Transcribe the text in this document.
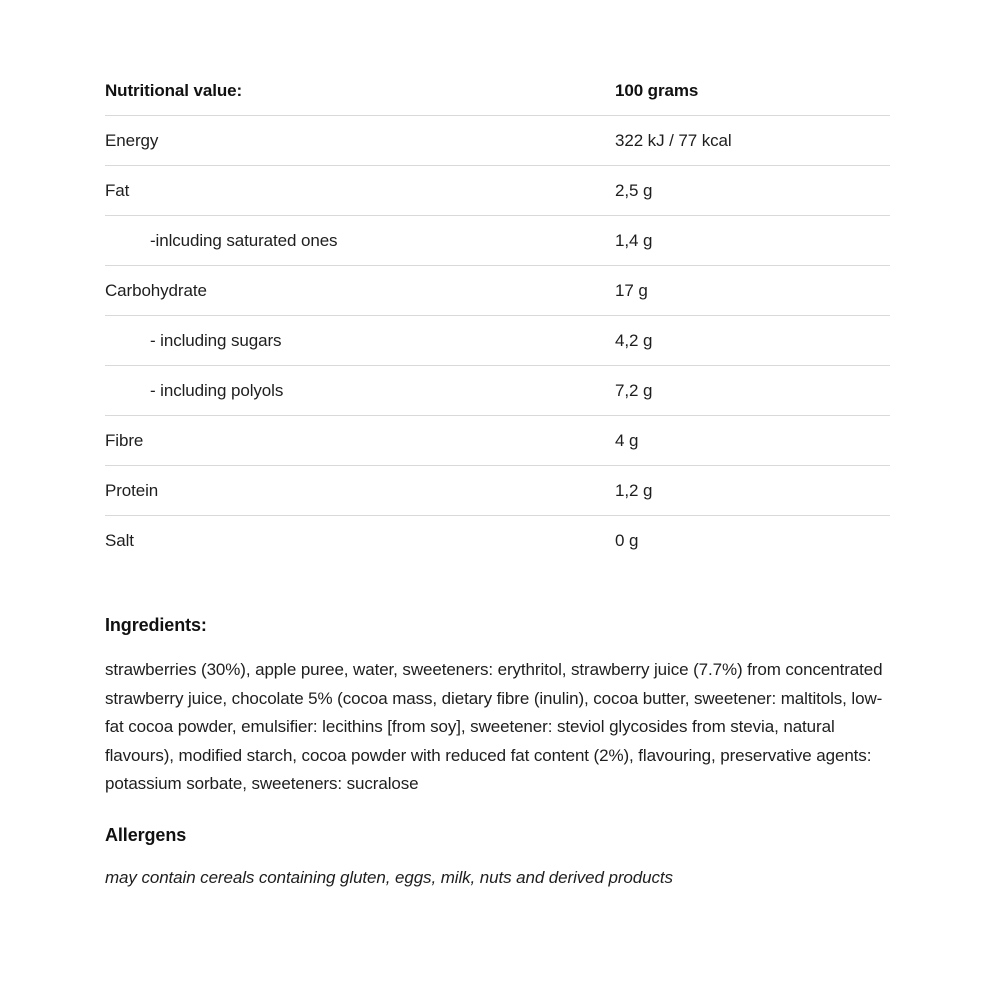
Nutritional value:	100 grams
Energy	322 kJ / 77 kcal
Fat	2,5 g
-inlcuding saturated ones	1,4 g
Carbohydrate	17 g
- including sugars	4,2 g
- including polyols	7,2 g
Fibre	4 g
Protein	1,2 g
Salt	0 g
Ingredients:
strawberries (30%), apple puree, water, sweeteners: erythritol, strawberry juice (7.7%) from concentrated strawberry juice, chocolate 5% (cocoa mass, dietary fibre (inulin), cocoa butter, sweetener: maltitols, low-fat cocoa powder, emulsifier: lecithins [from soy], sweetener: steviol glycosides from stevia, natural flavours), modified starch, cocoa powder with reduced fat content (2%), flavouring, preservative agents: potassium sorbate, sweeteners: sucralose
Allergens
may contain cereals containing gluten, eggs, milk, nuts and derived products
